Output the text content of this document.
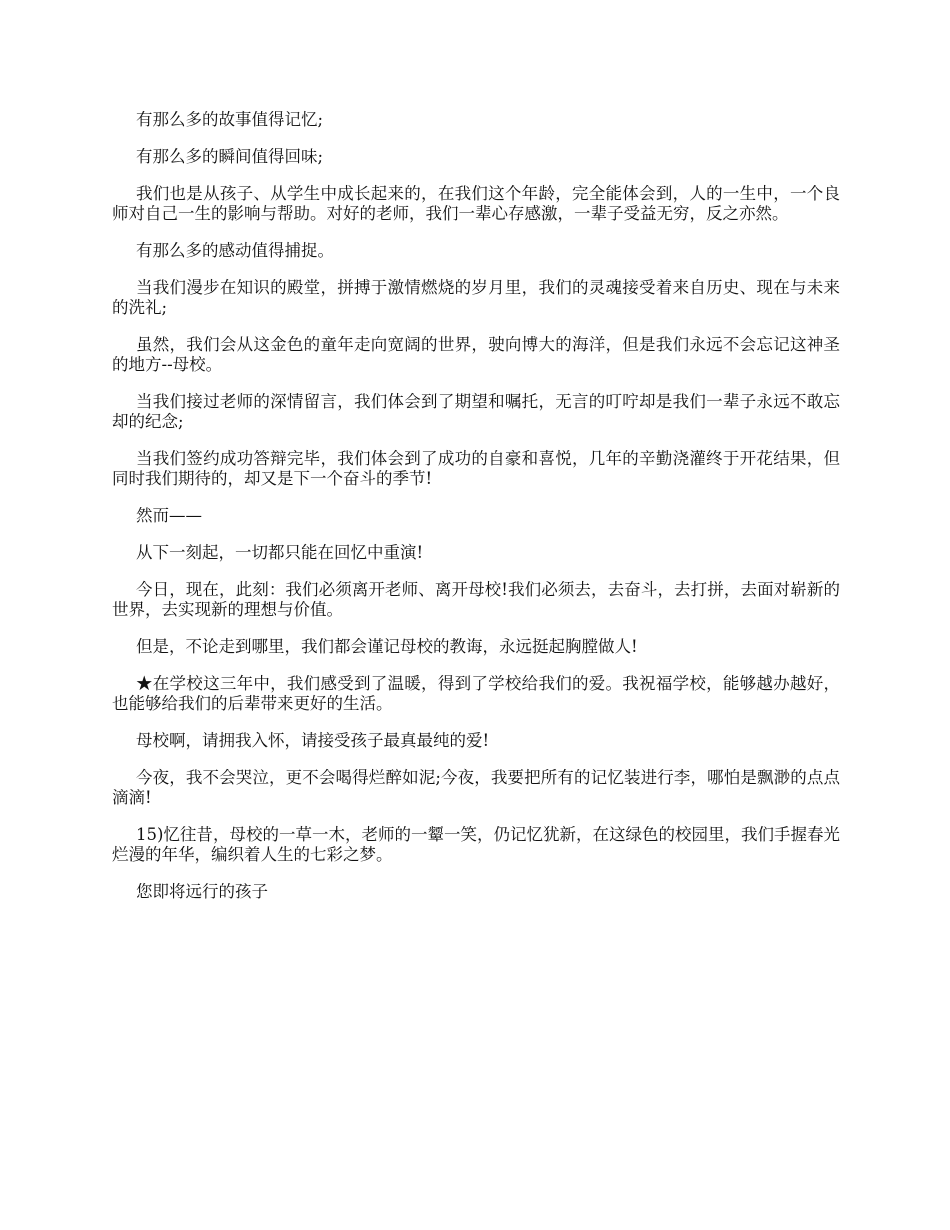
有那么多的故事值得记忆;

有那么多的瞬间值得回味;

我们也是从孩子、从学生中成长起来的，在我们这个年龄，完全能体会到，人的一生中，一个良师对自己一生的影响与帮助。对好的老师，我们一辈心存感激，一辈子受益无穷，反之亦然。

有那么多的感动值得捕捉。

当我们漫步在知识的殿堂，拼搏于激情燃烧的岁月里，我们的灵魂接受着来自历史、现在与未来的洗礼;

虽然，我们会从这金色的童年走向宽阔的世界，驶向博大的海洋，但是我们永远不会忘记这神圣的地方--母校。

当我们接过老师的深情留言，我们体会到了期望和嘱托，无言的叮咛却是我们一辈子永远不敢忘却的纪念;

当我们签约成功答辩完毕，我们体会到了成功的自豪和喜悦，几年的辛勤浇灌终于开花结果，但同时我们期待的，却又是下一个奋斗的季节!

然而——

从下一刻起，一切都只能在回忆中重演!

今日，现在，此刻：我们必须离开老师、离开母校!我们必须去，去奋斗，去打拼，去面对崭新的世界，去实现新的理想与价值。

但是，不论走到哪里，我们都会谨记母校的教诲，永远挺起胸膛做人!

★在学校这三年中，我们感受到了温暖，得到了学校给我们的爱。我祝福学校，能够越办越好，也能够给我们的后辈带来更好的生活。

母校啊，请拥我入怀，请接受孩子最真最纯的爱!

今夜，我不会哭泣，更不会喝得烂醉如泥;今夜，我要把所有的记忆装进行李，哪怕是飘渺的点点滴滴!

15)忆往昔，母校的一草一木，老师的一颦一笑，仍记忆犹新，在这绿色的校园里，我们手握春光烂漫的年华，编织着人生的七彩之梦。

您即将远行的孩子
